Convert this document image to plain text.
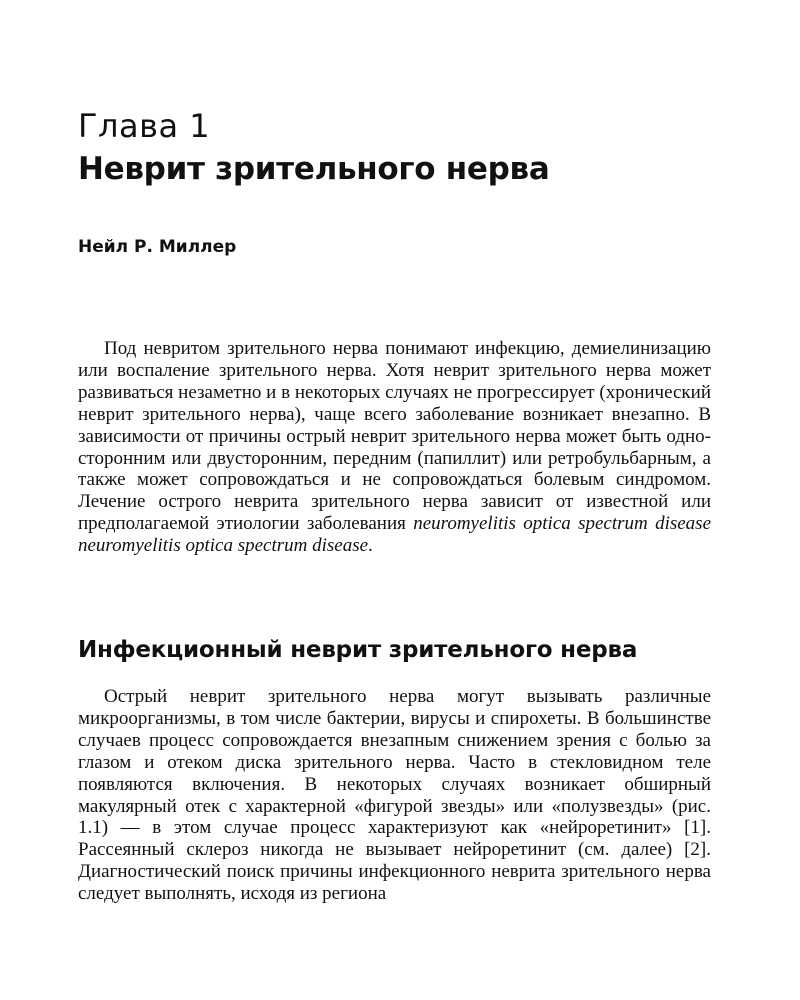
Глава 1
Неврит зрительного нерва

Нейл Р. Миллер

Под невритом зрительного нерва понимают инфекцию, демиелинизацию или воспаление зрительного нерва. Хотя неврит зрительного нерва может развиваться незаметно и в некоторых случаях не прогрессирует (хронический неврит зрительного нерва), чаще всего заболевание возникает внезапно. В зависимости от причины острый неврит зрительного нерва может быть односторонним или двусторонним, передним (папиллит) или ретробульбарным, а также может сопровождаться и не сопровождаться болевым синдромом. Лечение острого неврита зрительного нерва зависит от известной или предполагаемой этиологии заболевания neuromyelitis optica spectrum disease neuromyelitis optica spectrum disease.

Инфекционный неврит зрительного нерва

Острый неврит зрительного нерва могут вызывать различные микроорганизмы, в том числе бактерии, вирусы и спирохеты. В большинстве случаев процесс сопровождается внезапным снижением зрения с болью за глазом и отеком диска зрительного нерва. Часто в стекловидном теле появляются включения. В некоторых случаях возникает обширный макулярный отек с характерной «фигурой звезды» или «полузвезды» (рис. 1.1) — в этом случае процесс характеризуют как «нейроретинит» [1]. Рассеянный склероз никогда не вызывает нейроретинит (см. далее) [2]. Диагностический поиск причины инфекционного неврита зрительного нерва следует выполнять, исходя из региона
